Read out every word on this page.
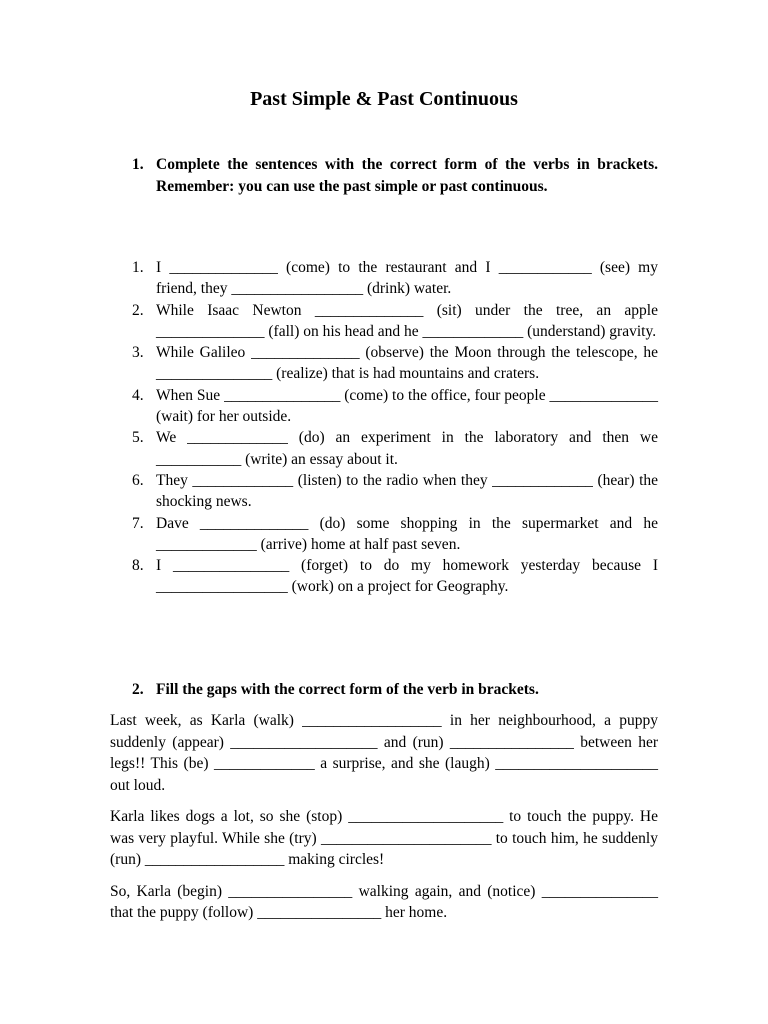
Past Simple & Past Continuous
1. Complete the sentences with the correct form of the verbs in brackets. Remember: you can use the past simple or past continuous.
1. I ______________ (come) to the restaurant and I ____________ (see) my friend, they _________________ (drink) water.
2. While Isaac Newton ______________ (sit) under the tree, an apple ______________ (fall) on his head and he _____________ (understand) gravity.
3. While Galileo ______________ (observe) the Moon through the telescope, he _______________ (realize) that is had mountains and craters.
4. When Sue _______________ (come) to the office, four people ______________ (wait) for her outside.
5. We _____________ (do) an experiment in the laboratory and then we ___________ (write) an essay about it.
6. They _____________ (listen) to the radio when they _____________ (hear) the shocking news.
7. Dave ______________ (do) some shopping in the supermarket and he _____________ (arrive) home at half past seven.
8. I _______________ (forget) to do my homework yesterday because I _________________ (work) on a project for Geography.
2. Fill the gaps with the correct form of the verb in brackets.

Last week, as Karla (walk) __________________ in her neighbourhood, a puppy suddenly (appear) ___________________ and (run) ________________ between her legs!! This (be) _____________ a surprise, and she (laugh) _____________________ out loud.

Karla likes dogs a lot, so she (stop) ____________________ to touch the puppy. He was very playful. While she (try) ______________________ to touch him, he suddenly (run) __________________ making circles!

So, Karla (begin) ________________ walking again, and (notice) _______________ that the puppy (follow) ________________ her home.
